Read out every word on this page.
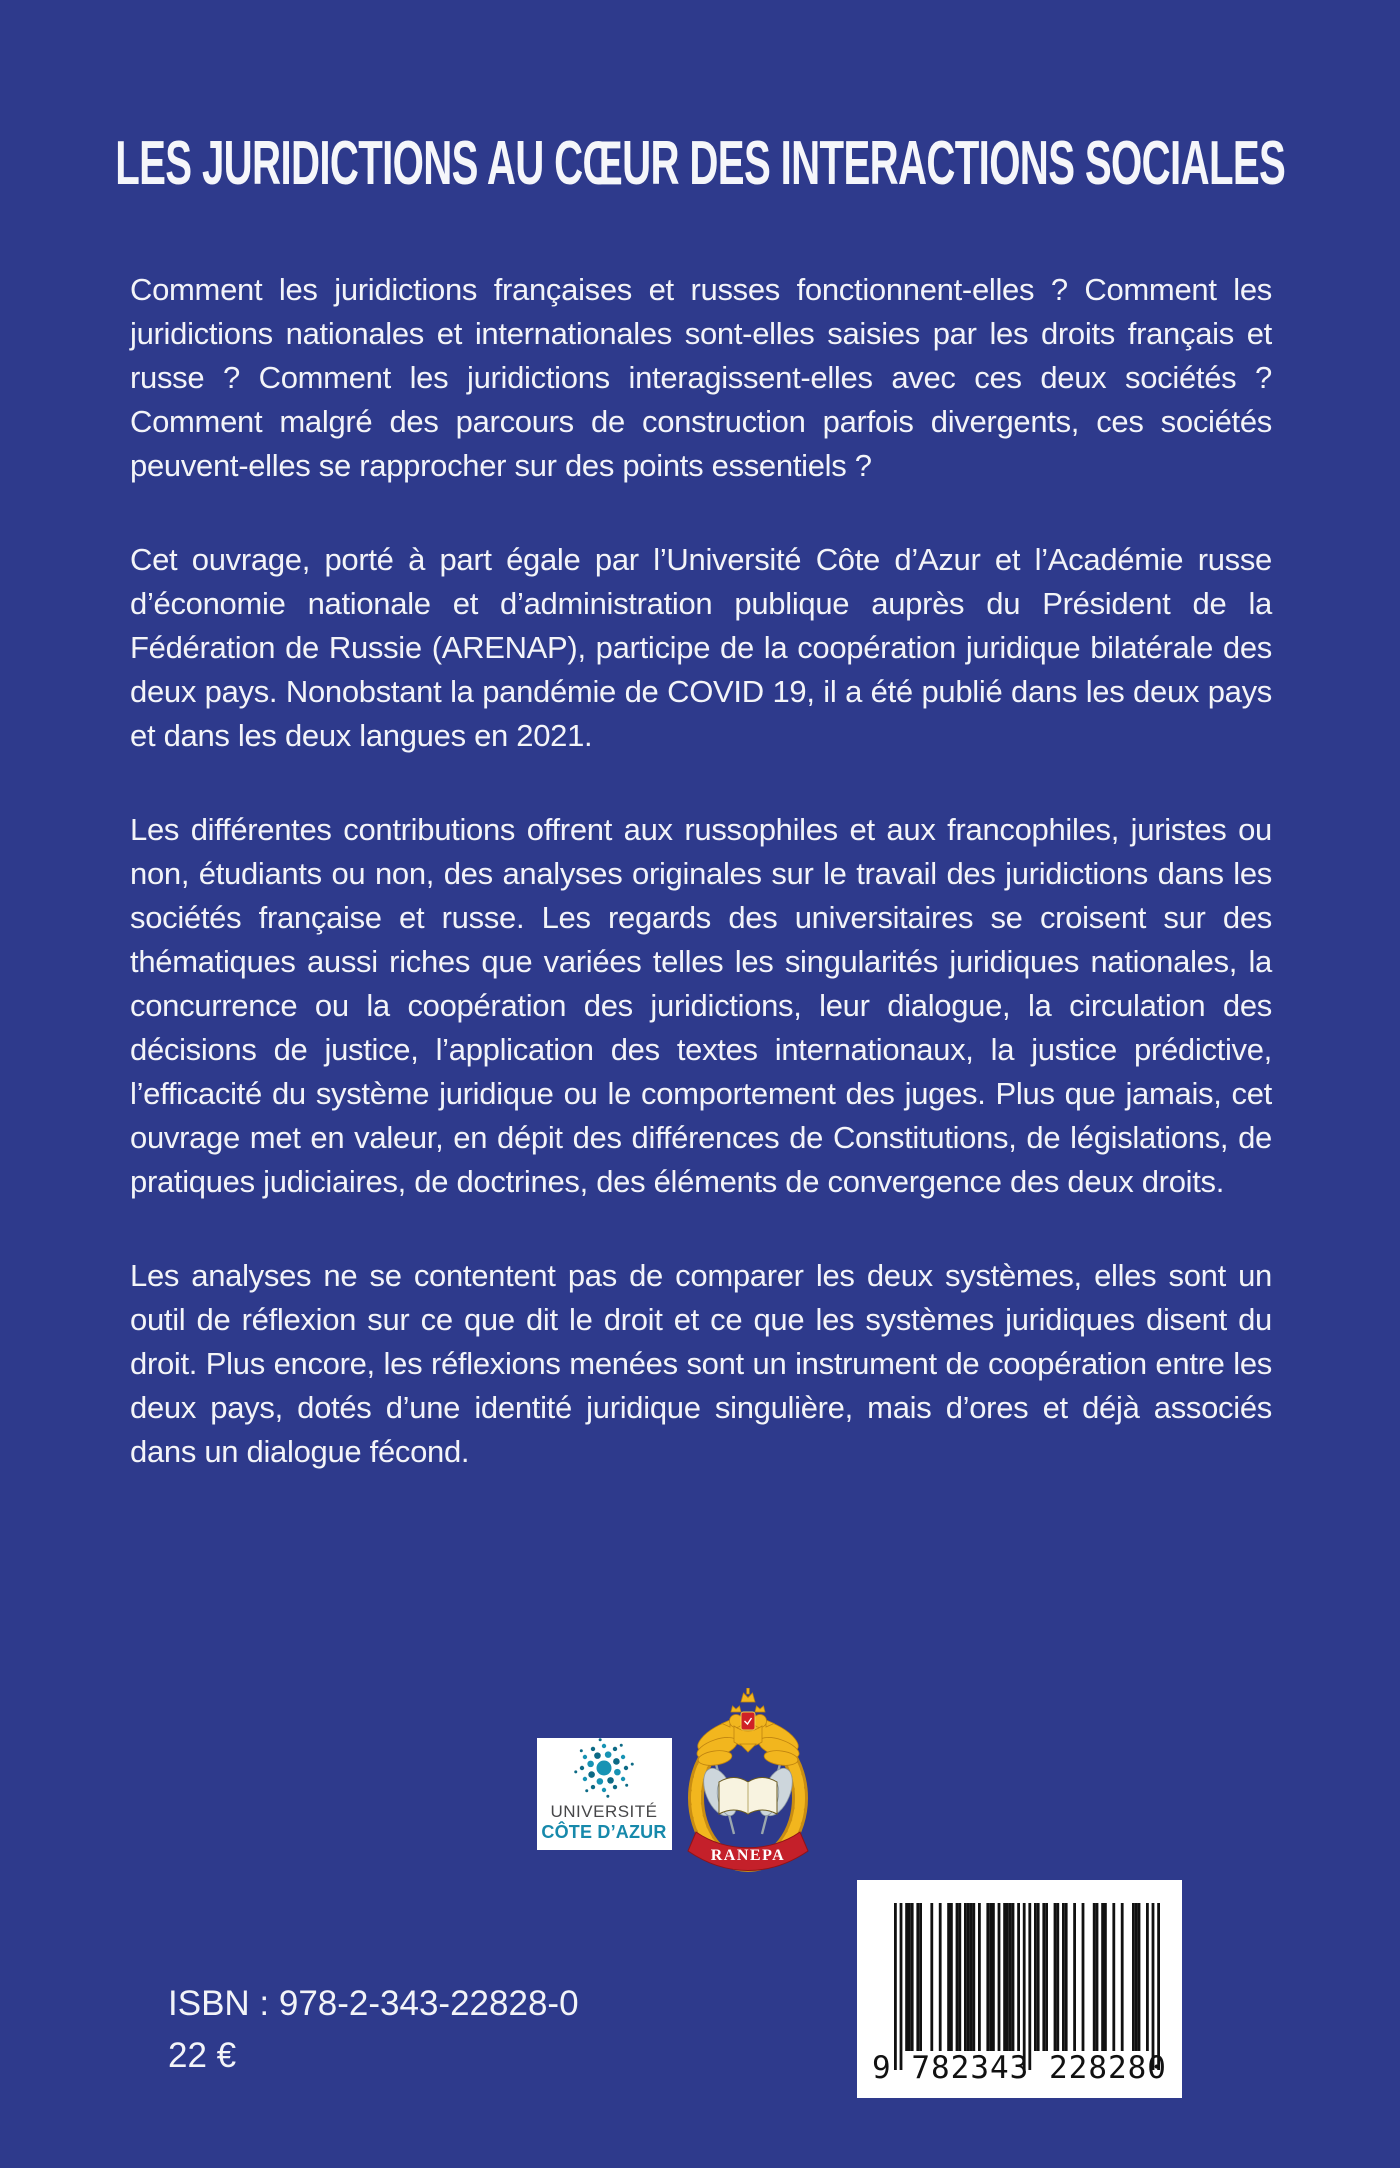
LES JURIDICTIONS AU CŒUR DES INTERACTIONS SOCIALES

Comment les juridictions françaises et russes fonctionnent-elles ? Comment les juridictions nationales et internationales sont-elles saisies par les droits français et russe ? Comment les juridictions interagissent-elles avec ces deux sociétés ? Comment malgré des parcours de construction parfois divergents, ces sociétés peuvent-elles se rapprocher sur des points essentiels ?

Cet ouvrage, porté à part égale par l’Université Côte d’Azur et l’Académie russe d’économie nationale et d’administration publique auprès du Président de la Fédération de Russie (ARENAP), participe de la coopération juridique bilatérale des deux pays. Nonobstant la pandémie de COVID 19, il a été publié dans les deux pays et dans les deux langues en 2021.

Les différentes contributions offrent aux russophiles et aux francophiles, juristes ou non, étudiants ou non, des analyses originales sur le travail des juridictions dans les sociétés française et russe. Les regards des universitaires se croisent sur des thématiques aussi riches que variées telles les singularités juridiques nationales, la concurrence ou la coopération des juridictions, leur dialogue, la circulation des décisions de justice, l’application des textes internationaux, la justice prédictive, l’efficacité du système juridique ou le comportement des juges. Plus que jamais, cet ouvrage met en valeur, en dépit des différences de Constitutions, de législations, de pratiques judiciaires, de doctrines, des éléments de convergence des deux droits.

Les analyses ne se contentent pas de comparer les deux systèmes, elles sont un outil de réflexion sur ce que dit le droit et ce que les systèmes juridiques disent du droit. Plus encore, les réflexions menées sont un instrument de coopération entre les deux pays, dotés d’une identité juridique singulière, mais d’ores et déjà associés dans un dialogue fécond.

UNIVERSITÉ
CÔTE D’AZUR
RANEPA
9 782343 228280
ISBN : 978-2-343-22828-0
22 €
